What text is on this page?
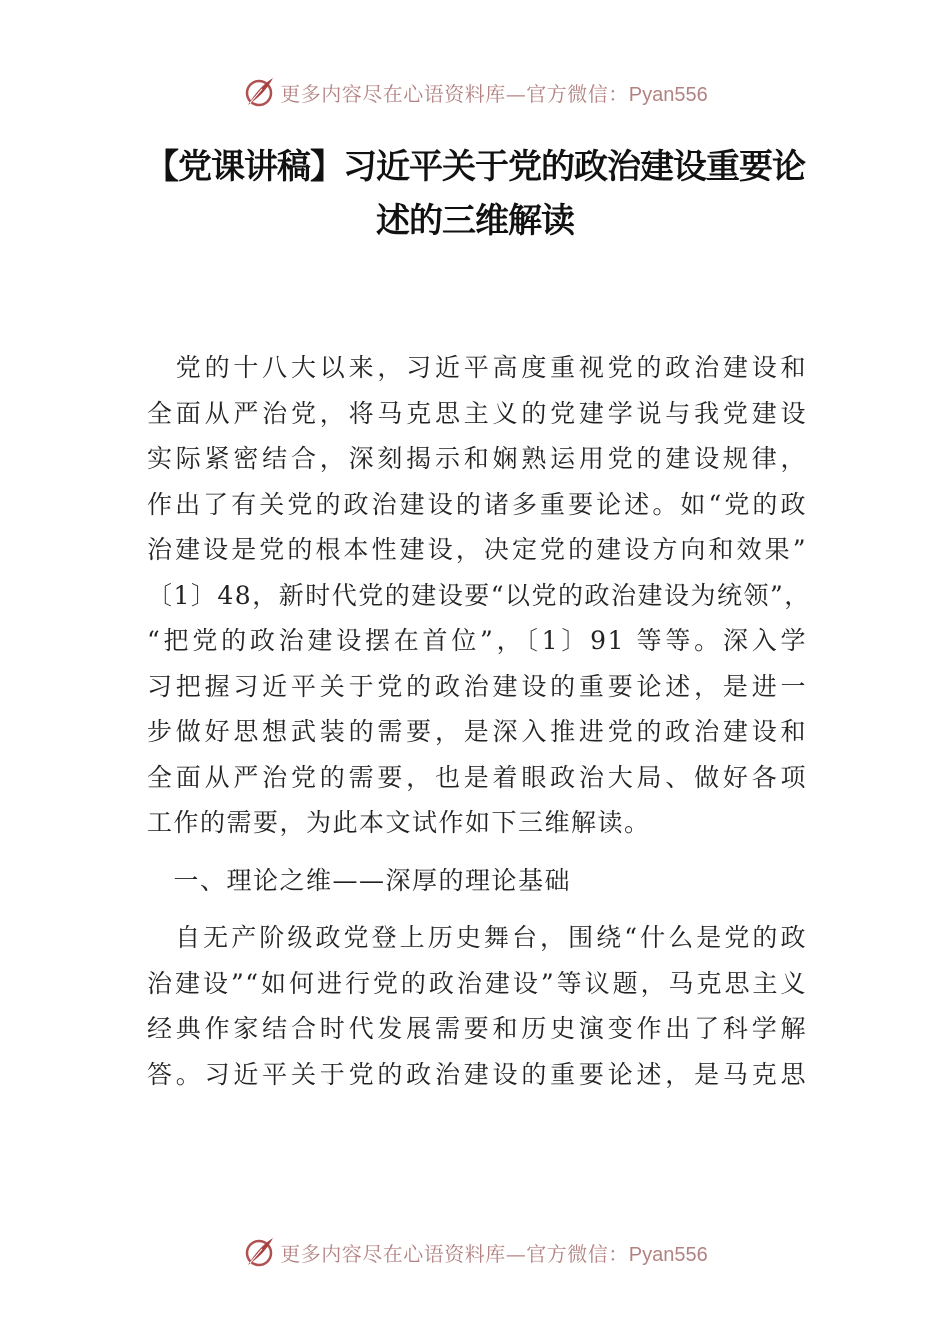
更多内容尽在心语资料库—官方微信：Pyan556
【党课讲稿】习近平关于党的政治建设重要论
述的三维解读
　党的十八大以来，习近平高度重视党的政治建设和
全面从严治党，将马克思主义的党建学说与我党建设
实际紧密结合，深刻揭示和娴熟运用党的建设规律，
作出了有关党的政治建设的诸多重要论述。如“党的政
治建设是党的根本性建设，决定党的建设方向和效果”
〔1〕48，新时代党的建设要“以党的政治建设为统领”，
“把党的政治建设摆在首位”，〔1〕91 等等。深入学
习把握习近平关于党的政治建设的重要论述，是进一
步做好思想武装的需要，是深入推进党的政治建设和
全面从严治党的需要，也是着眼政治大局、做好各项
工作的需要，为此本文试作如下三维解读。
　一、理论之维——深厚的理论基础
　自无产阶级政党登上历史舞台，围绕“什么是党的政
治建设”“如何进行党的政治建设”等议题，马克思主义
经典作家结合时代发展需要和历史演变作出了科学解
答。习近平关于党的政治建设的重要论述，是马克思
更多内容尽在心语资料库—官方微信：Pyan556
